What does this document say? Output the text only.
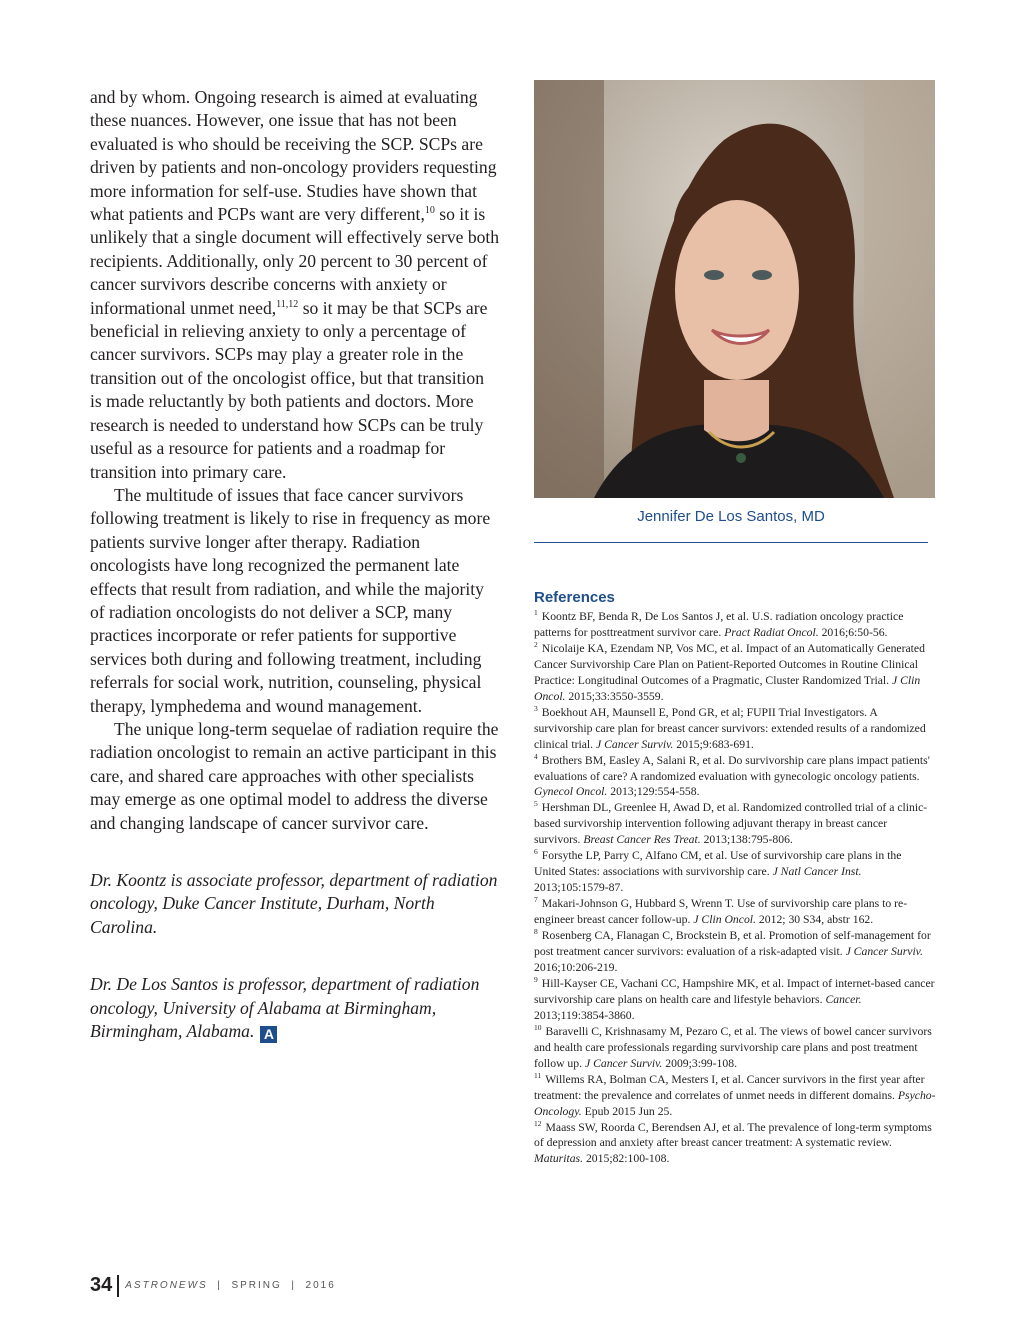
and by whom. Ongoing research is aimed at evaluating these nuances. However, one issue that has not been evaluated is who should be receiving the SCP. SCPs are driven by patients and non-oncology providers requesting more information for self-use. Studies have shown that what patients and PCPs want are very different,$^{10}$ so it is unlikely that a single document will effectively serve both recipients. Additionally, only 20 percent to 30 percent of cancer survivors describe concerns with anxiety or informational unmet need,$^{11,12}$ so it may be that SCPs are beneficial in relieving anxiety to only a percentage of cancer survivors. SCPs may play a greater role in the transition out of the oncologist office, but that transition is made reluctantly by both patients and doctors. More research is needed to understand how SCPs can be truly useful as a resource for patients and a roadmap for transition into primary care.

The multitude of issues that face cancer survivors following treatment is likely to rise in frequency as more patients survive longer after therapy. Radiation oncologists have long recognized the permanent late effects that result from radiation, and while the majority of radiation oncologists do not deliver a SCP, many practices incorporate or refer patients for supportive services both during and following treatment, including referrals for social work, nutrition, counseling, physical therapy, lymphedema and wound management.

The unique long-term sequelae of radiation require the radiation oncologist to remain an active participant in this care, and shared care approaches with other specialists may emerge as one optimal model to address the diverse and changing landscape of cancer survivor care.

Dr. Koontz is associate professor, department of radiation oncology, Duke Cancer Institute, Durham, North Carolina.

Dr. De Los Santos is professor, department of radiation oncology, University of Alabama at Birmingham, Birmingham, Alabama. A

Jennifer De Los Santos, MD
References

$^1$ Koontz BF, Benda R, De Los Santos J, et al. U.S. radiation oncology practice patterns for posttreatment survivor care. Pract Radiat Oncol. 2016;6:50-56.

$^2$ Nicolaije KA, Ezendam NP, Vos MC, et al. Impact of an Automatically Generated Cancer Survivorship Care Plan on Patient-Reported Outcomes in Routine Clinical Practice: Longitudinal Outcomes of a Pragmatic, Cluster Randomized Trial. J Clin Oncol. 2015;33:3550-3559.

$^3$ Boekhout AH, Maunsell E, Pond GR, et al; FUPII Trial Investigators. A survivorship care plan for breast cancer survivors: extended results of a randomized clinical trial. J Cancer Surviv. 2015;9:683-691.

$^4$ Brothers BM, Easley A, Salani R, et al. Do survivorship care plans impact patients' evaluations of care? A randomized evaluation with gynecologic oncology patients. Gynecol Oncol. 2013;129:554-558.

$^5$ Hershman DL, Greenlee H, Awad D, et al. Randomized controlled trial of a clinic-based survivorship intervention following adjuvant therapy in breast cancer survivors. Breast Cancer Res Treat. 2013;138:795-806.

$^6$ Forsythe LP, Parry C, Alfano CM, et al. Use of survivorship care plans in the United States: associations with survivorship care. J Natl Cancer Inst. 2013;105:1579-87.

$^7$ Makari-Johnson G, Hubbard S, Wrenn T. Use of survivorship care plans to re-engineer breast cancer follow-up. J Clin Oncol. 2012; 30 S34, abstr 162.

$^8$ Rosenberg CA, Flanagan C, Brockstein B, et al. Promotion of self-management for post treatment cancer survivors: evaluation of a risk-adapted visit. J Cancer Surviv. 2016;10:206-219.

$^9$ Hill-Kayser CE, Vachani CC, Hampshire MK, et al. Impact of internet-based cancer survivorship care plans on health care and lifestyle behaviors. Cancer. 2013;119:3854-3860.

$^{10}$ Baravelli C, Krishnasamy M, Pezaro C, et al. The views of bowel cancer survivors and health care professionals regarding survivorship care plans and post treatment follow up. J Cancer Surviv. 2009;3:99-108.

$^{11}$ Willems RA, Bolman CA, Mesters I, et al. Cancer survivors in the first year after treatment: the prevalence and correlates of unmet needs in different domains. Psycho-Oncology. Epub 2015 Jun 25.

$^{12}$ Maass SW, Roorda C, Berendsen AJ, et al. The prevalence of long-term symptoms of depression and anxiety after breast cancer treatment: A systematic review. Maturitas. 2015;82:100-108.

34 ASTRONEWS | SPRING | 2016
